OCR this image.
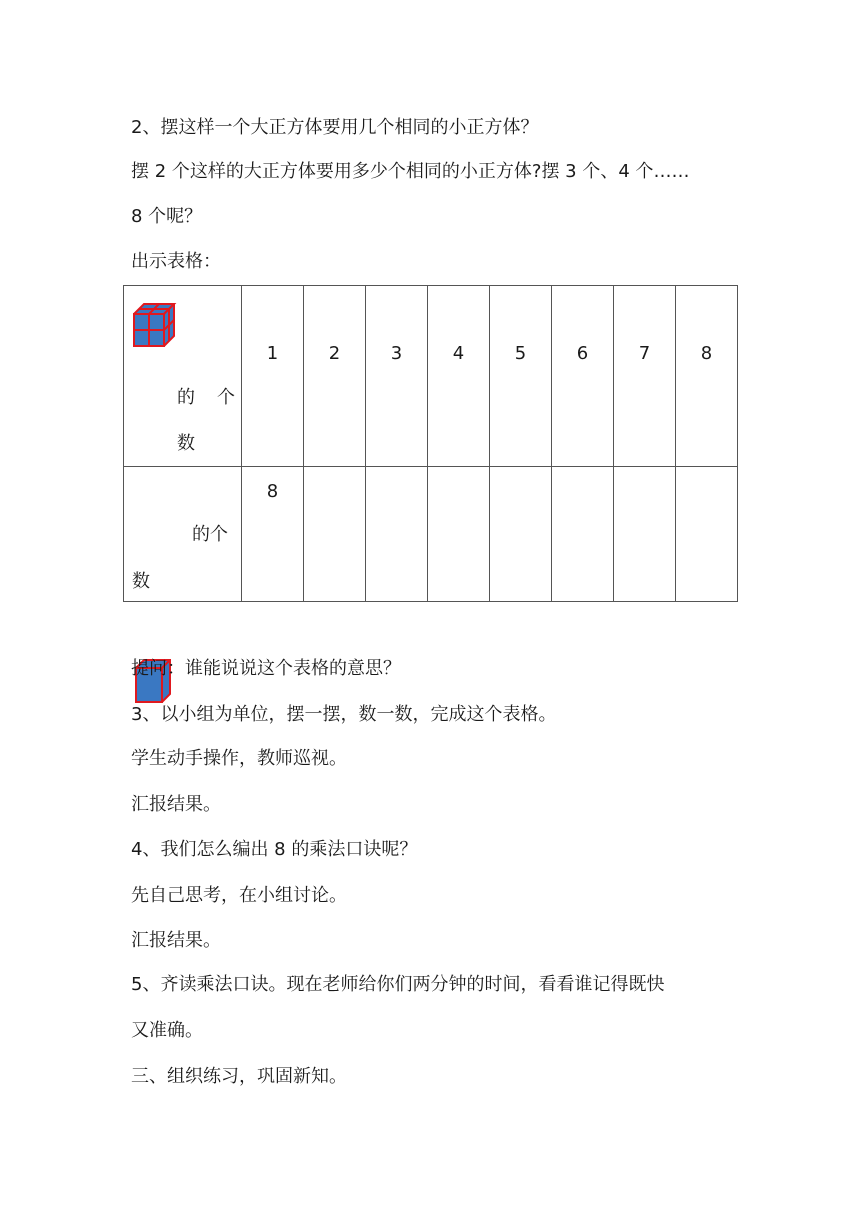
2、摆这样一个大正方体要用几个相同的小正方体？
摆 2 个这样的大正方体要用多少个相同的小正方体?摆 3 个、4 个……
8 个呢？
出示表格：
的 个
数	1	2	3	4	5	6	7	8

的个
数	8							

提问：谁能说说这个表格的意思？
3、以小组为单位，摆一摆，数一数，完成这个表格。
学生动手操作，教师巡视。
汇报结果。
4、我们怎么编出 8 的乘法口诀呢？
先自己思考，在小组讨论。
汇报结果。
5、齐读乘法口诀。现在老师给你们两分钟的时间，看看谁记得既快
又准确。
三、组织练习，巩固新知。
